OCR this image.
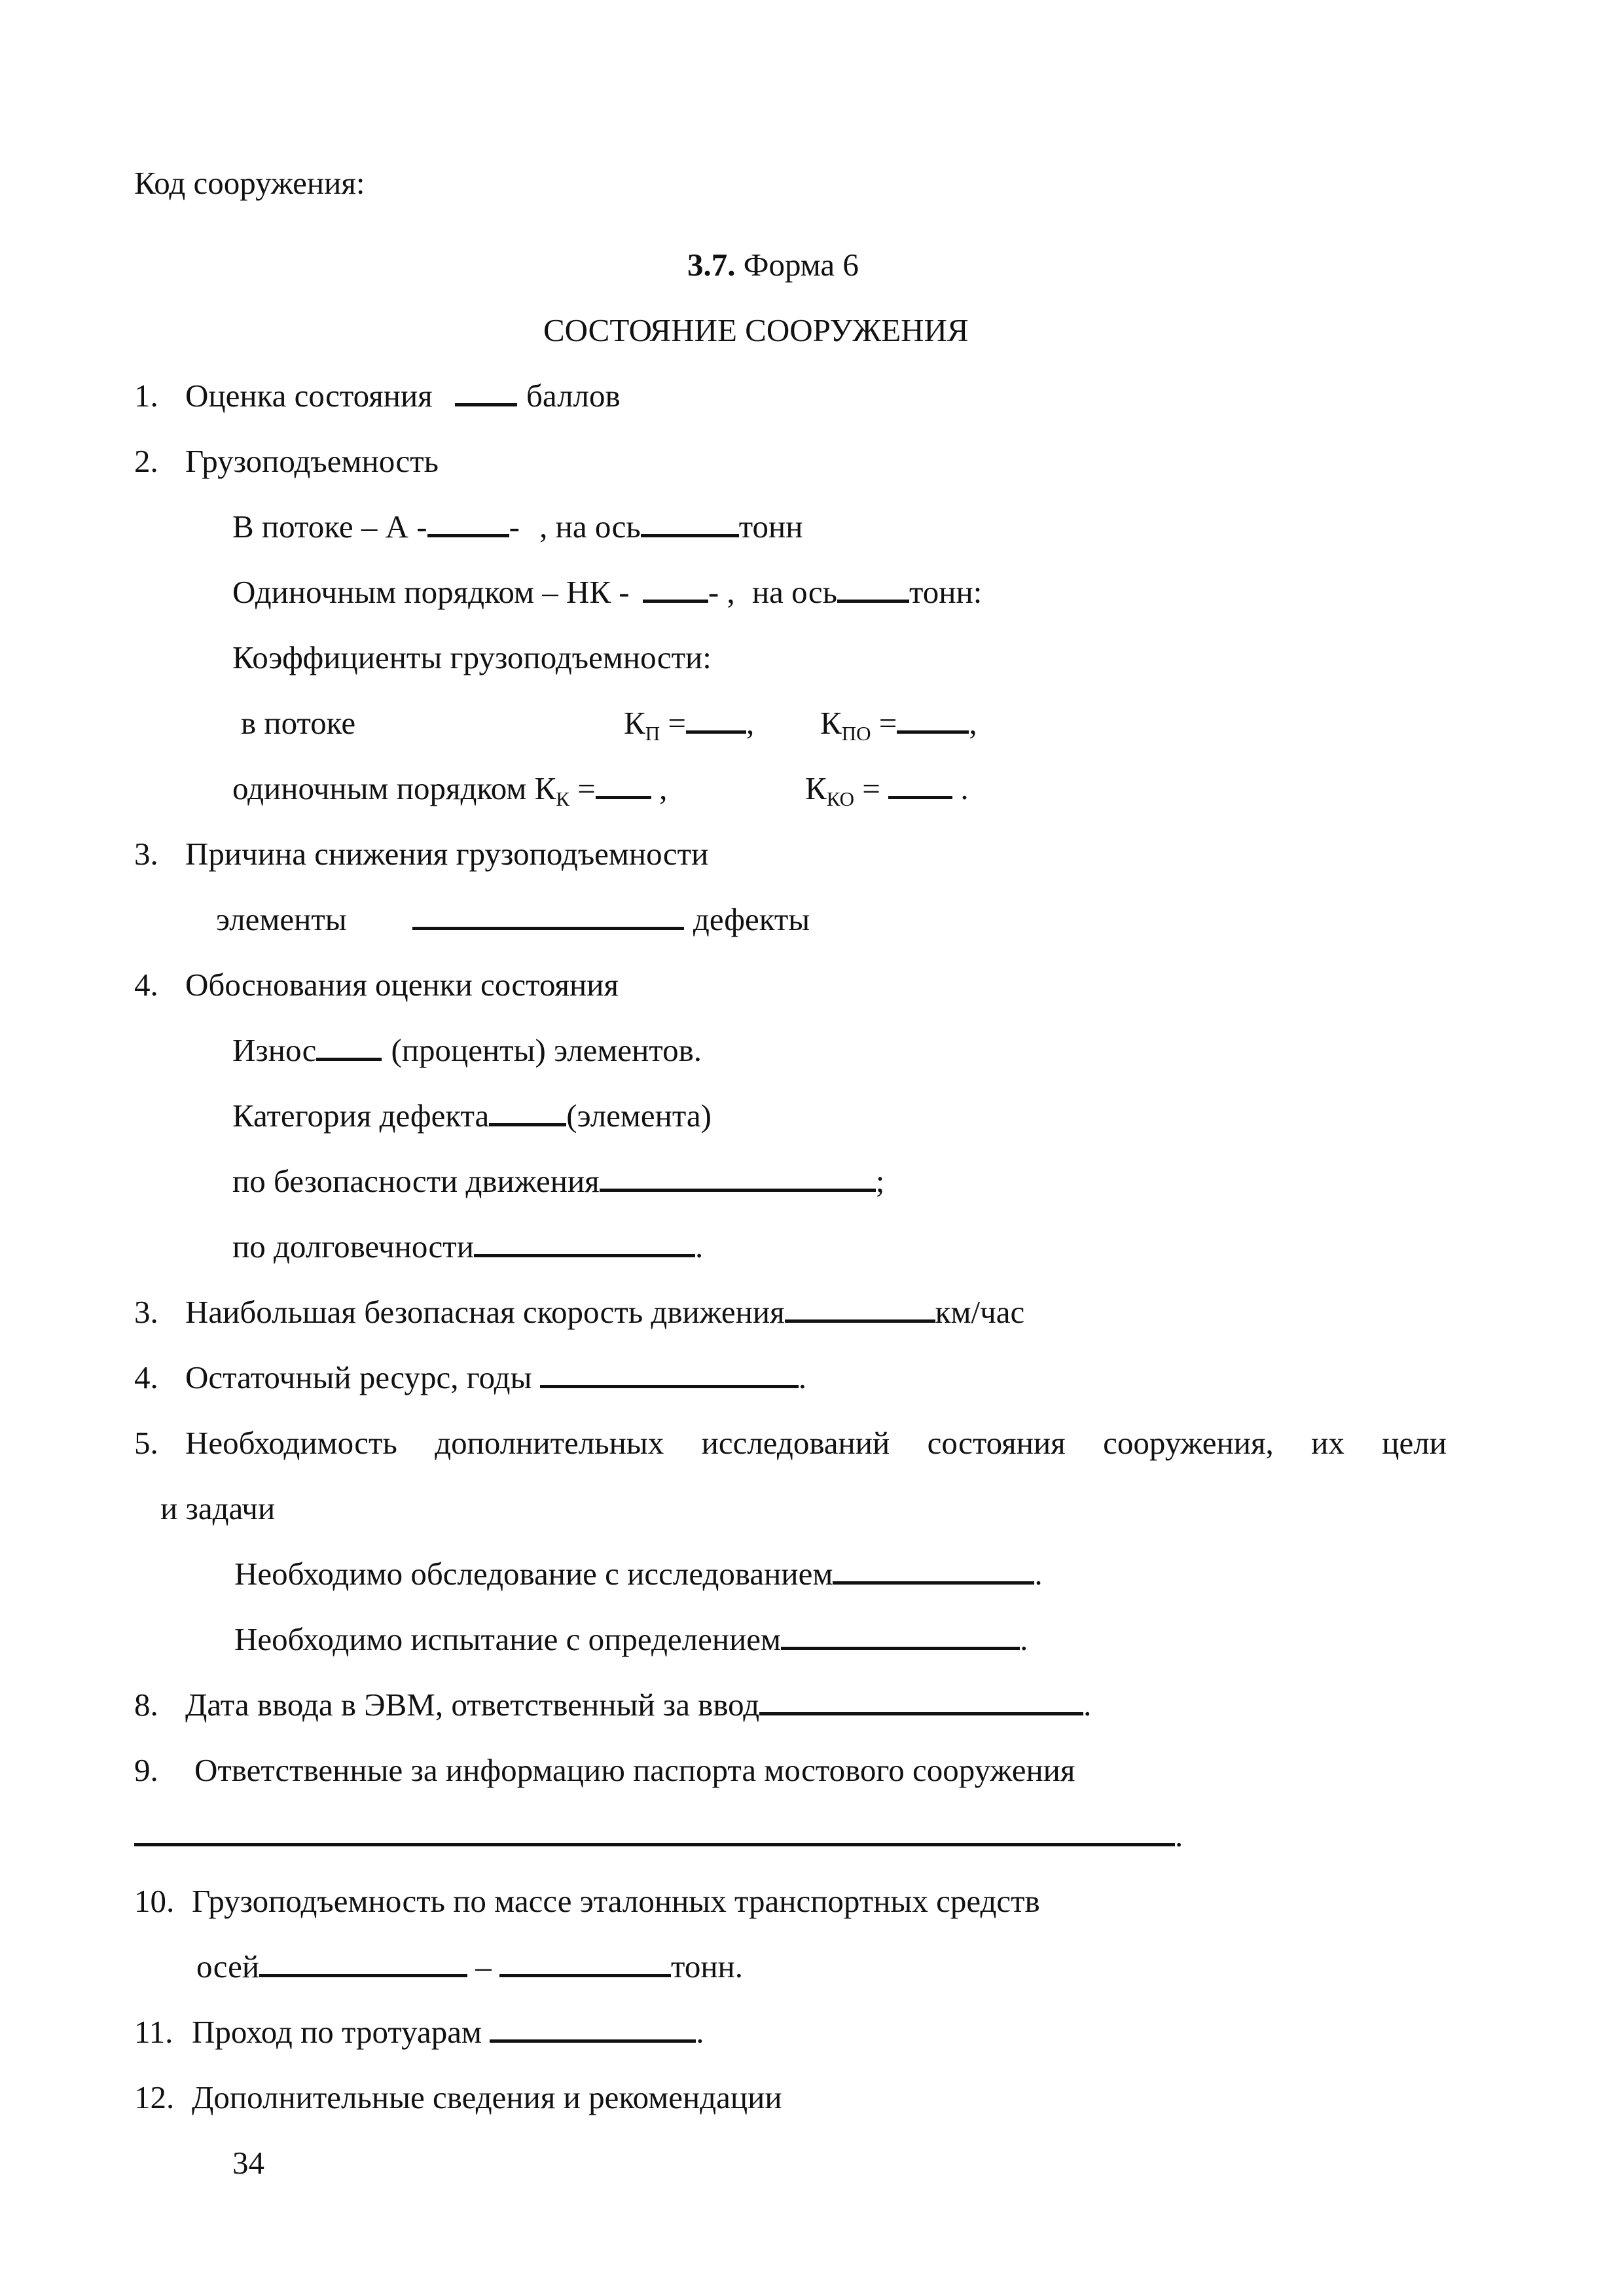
Код сооружения:
3.7. Форма 6
СОСТОЯНИЕ СООРУЖЕНИЯ
1. Оценка состояния	баллов
2. Грузоподъемность
В потоке – А -	- , на ось	тонн
Одиночным порядком – НК - - , на ось тонн:
Коэффициенты грузоподъемности:
в потоке	$К_П$ = , $К_{ПО}$ = ,
одиночным порядком $К_К$ = ,	$К_{КО}$ =  .
3. Причина снижения грузоподъемности
элементы	дефекты
4. Обоснования оценки состояния
Износ (проценты) элементов.
Категория дефекта (элемента)
по безопасности движения	;
по долговечности	.
3. Наибольшая безопасная скорость движения	км/час
4. Остаточный ресурс, годы	.
5. Необходимость дополнительных исследований состояния сооружения, их цели
и задачи
Необходимо обследование с исследованием	.
Необходимо испытание с определением	.
8. Дата ввода в ЭВМ, ответственный за ввод	.
9. Ответственные за информацию паспорта мостового сооружения
.
10. Грузоподъемность по массе эталонных транспортных средств
осей	–	тонн.
11. Проход по тротуарам	.
12. Дополнительные сведения и рекомендации
34
